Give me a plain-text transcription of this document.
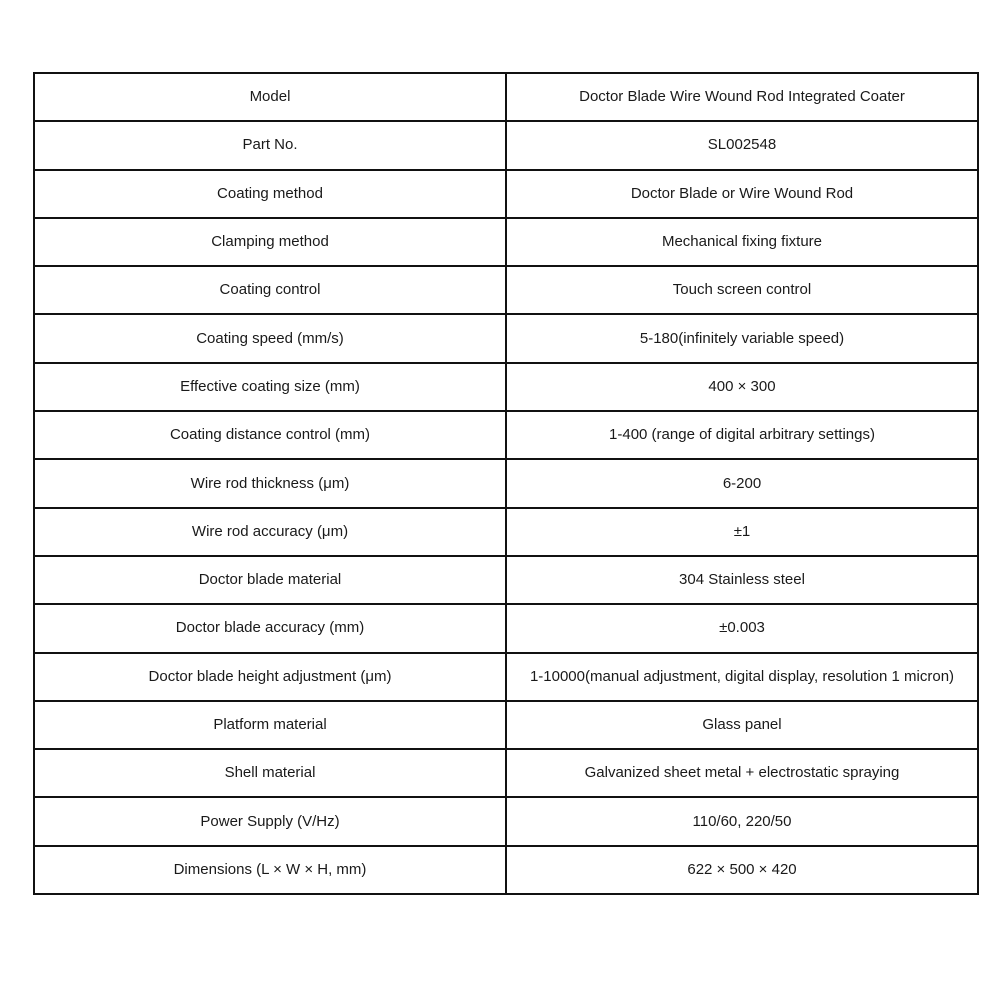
Model	Doctor Blade Wire Wound Rod Integrated Coater
Part No.	SL002548
Coating method	Doctor Blade or Wire Wound Rod
Clamping method	Mechanical fixing fixture
Coating control	Touch screen control
Coating speed (mm/s)	5-180(infinitely variable speed)
Effective coating size (mm)	400 × 300
Coating distance control (mm)	1-400 (range of digital arbitrary settings)
Wire rod thickness (μm)	6-200
Wire rod accuracy (μm)	±1
Doctor blade material	304 Stainless steel
Doctor blade accuracy (mm)	±0.003
Doctor blade height adjustment (μm)	1-10000(manual adjustment, digital display, resolution 1 micron)
Platform material	Glass panel
Shell material	Galvanized sheet metal + electrostatic spraying
Power Supply (V/Hz)	110/60, 220/50
Dimensions (L × W × H, mm)	622 × 500 × 420
